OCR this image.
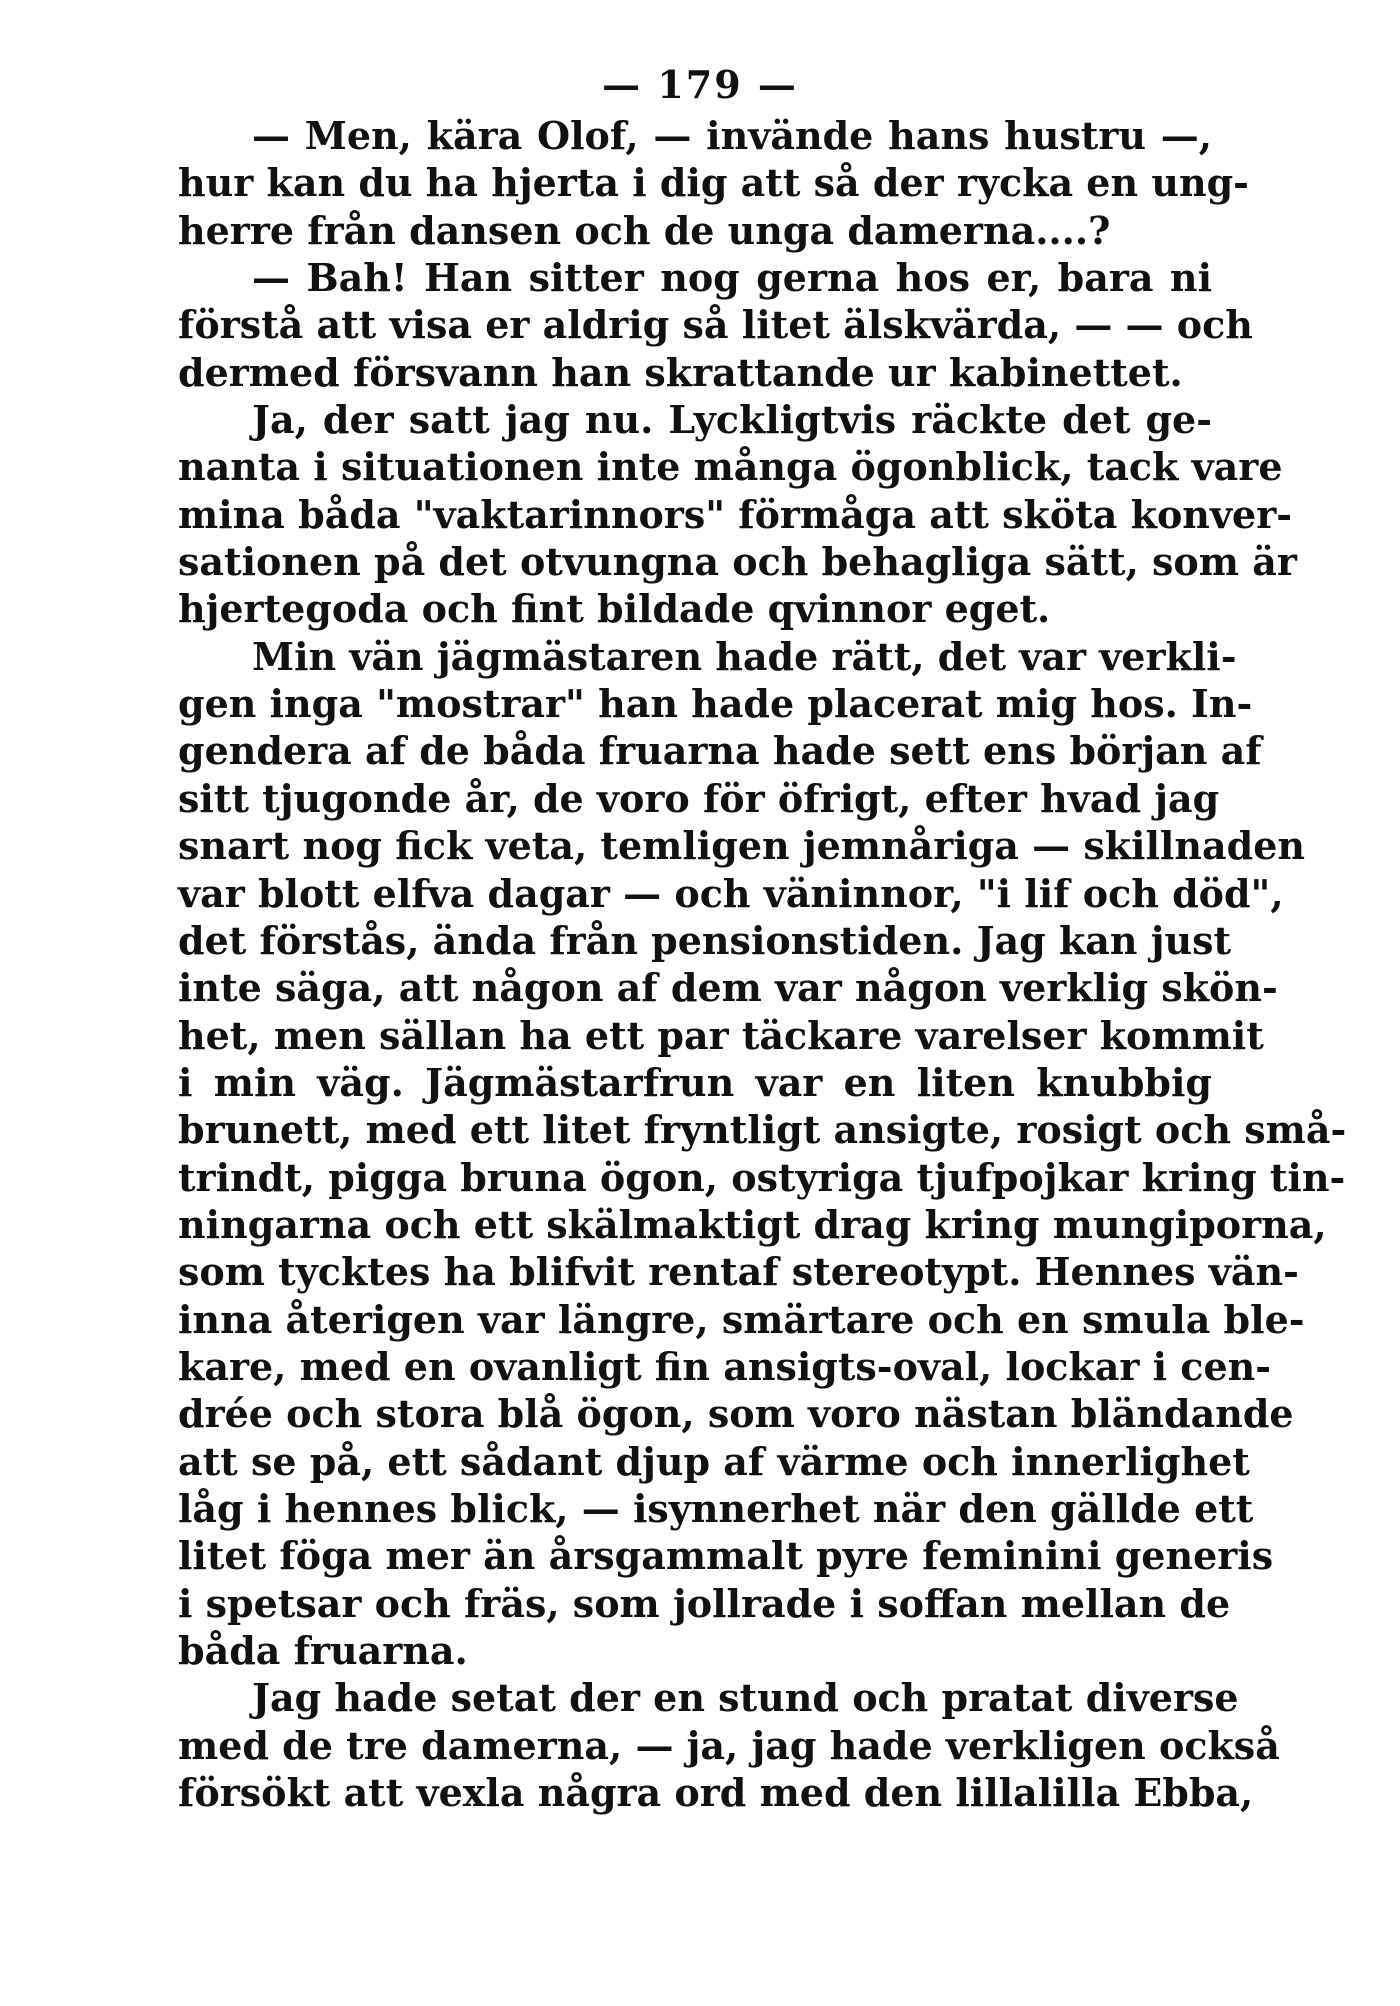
— 179 —
— Men, kära Olof, — invände hans hustru —,
hur kan du ha hjerta i dig att så der rycka en ung-
herre från dansen och de unga damerna....?
— Bah! Han sitter nog gerna hos er, bara ni
förstå att visa er aldrig så litet älskvärda, — — och
dermed försvann han skrattande ur kabinettet.
Ja, der satt jag nu. Lyckligtvis räckte det ge-
nanta i situationen inte många ögonblick, tack vare
mina båda "vaktarinnors" förmåga att sköta konver-
sationen på det otvungna och behagliga sätt, som är
hjertegoda och fint bildade qvinnor eget.
Min vän jägmästaren hade rätt, det var verkli-
gen inga "mostrar" han hade placerat mig hos. In-
gendera af de båda fruarna hade sett ens början af
sitt tjugonde år, de voro för öfrigt, efter hvad jag
snart nog fick veta, temligen jemnåriga — skillnaden
var blott elfva dagar — och väninnor, "i lif och död",
det förstås, ända från pensionstiden. Jag kan just
inte säga, att någon af dem var någon verklig skön-
het, men sällan ha ett par täckare varelser kommit
i min väg. Jägmästarfrun var en liten knubbig
brunett, med ett litet fryntligt ansigte, rosigt och små-
trindt, pigga bruna ögon, ostyriga tjufpojkar kring tin-
ningarna och ett skälmaktigt drag kring mungiporna,
som tycktes ha blifvit rentaf stereotypt. Hennes vän-
inna återigen var längre, smärtare och en smula ble-
kare, med en ovanligt fin ansigts-oval, lockar i cen-
drée och stora blå ögon, som voro nästan bländande
att se på, ett sådant djup af värme och innerlighet
låg i hennes blick, — isynnerhet när den gällde ett
litet föga mer än årsgammalt pyre feminini generis
i spetsar och fräs, som jollrade i soffan mellan de
båda fruarna.
Jag hade setat der en stund och pratat diverse
med de tre damerna, — ja, jag hade verkligen också
försökt att vexla några ord med den lillalilla Ebba,
